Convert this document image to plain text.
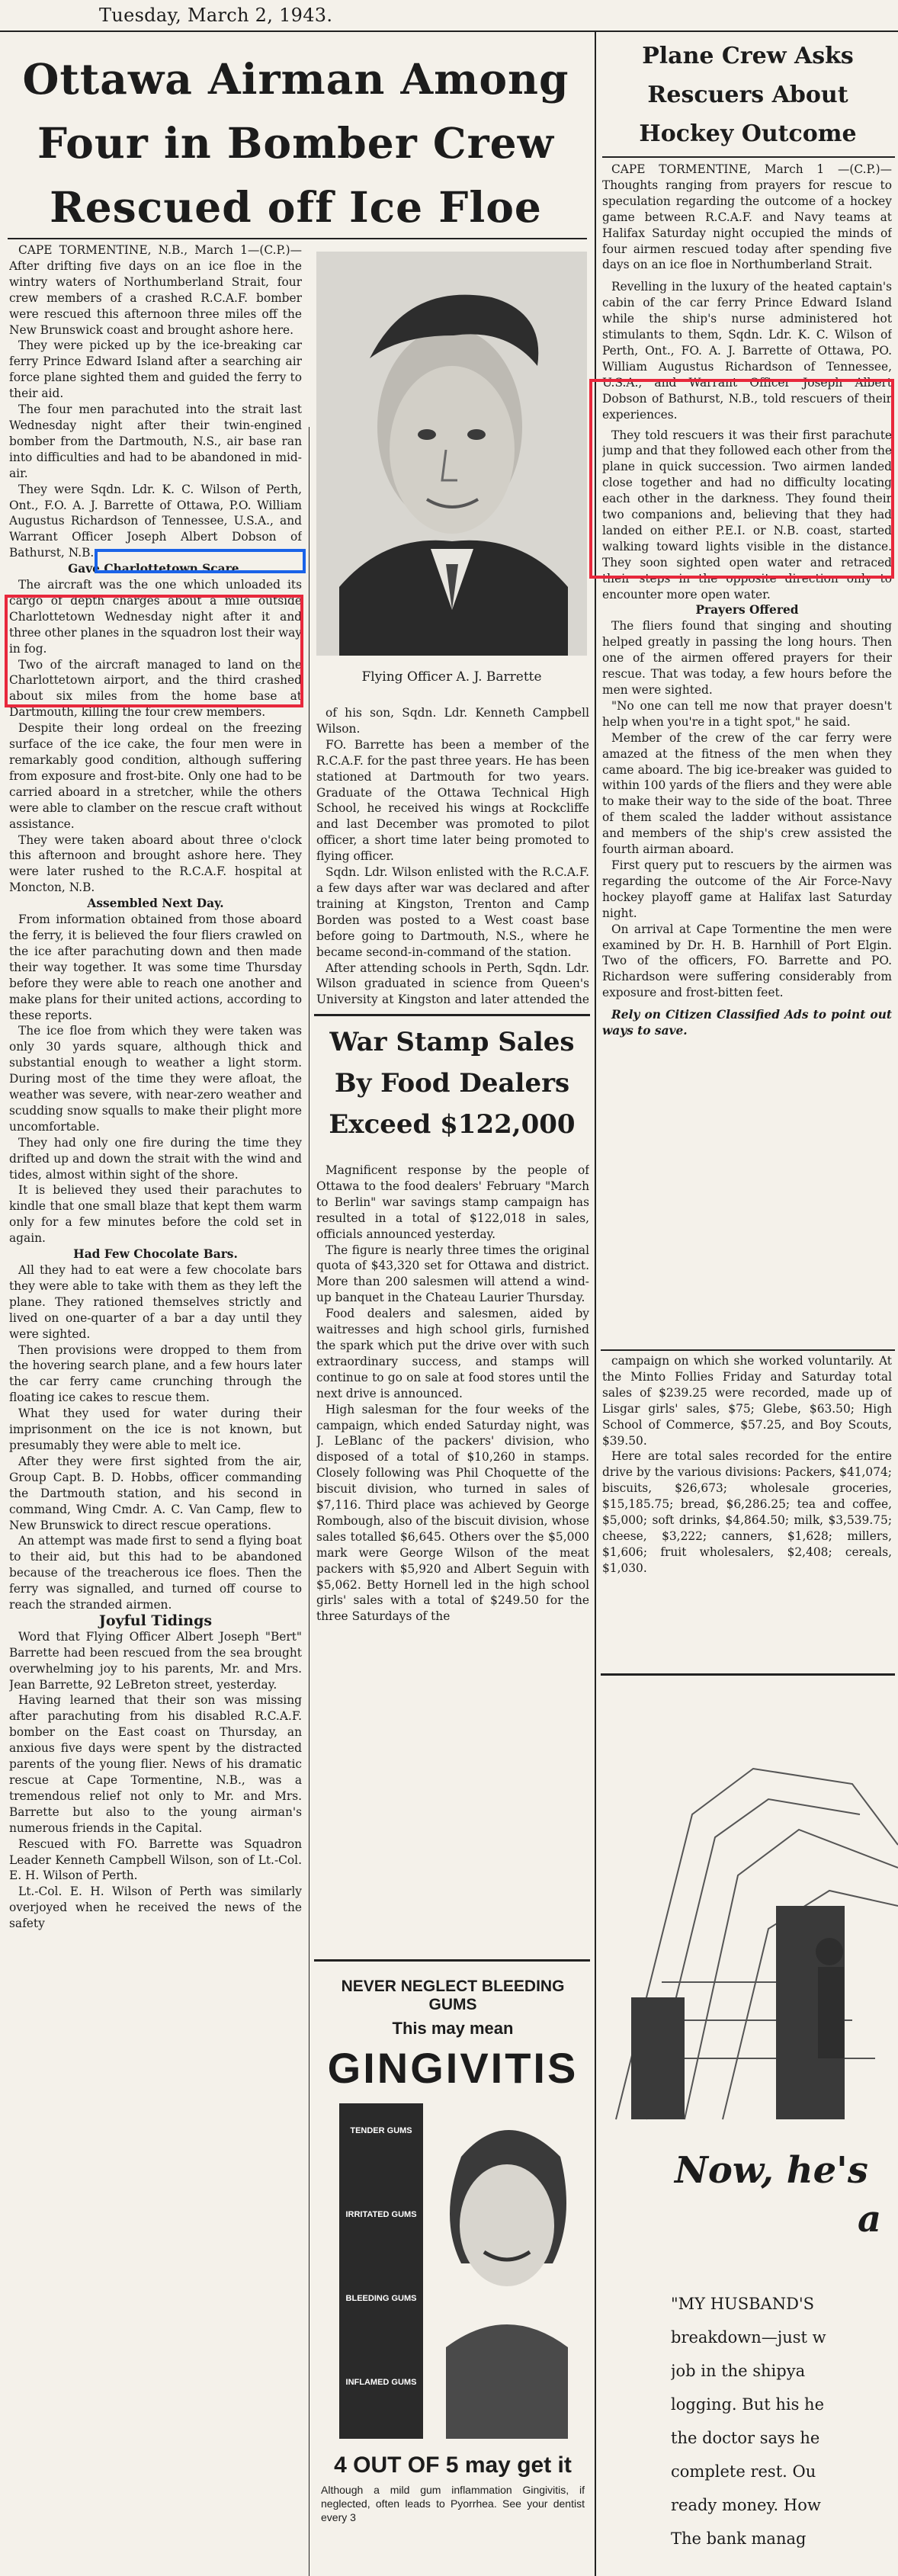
Tuesday, March 2, 1943.
Ottawa Airman Among
Four in Bomber Crew
Rescued off Ice Floe

CAPE TORMENTINE, N.B., March 1—(C.P.)—After drifting five days on an ice floe in the wintry waters of Northumberland Strait, four crew members of a crashed R.C.A.F. bomber were rescued this afternoon three miles off the New Brunswick coast and brought ashore here.

They were picked up by the ice-breaking car ferry Prince Edward Island after a searching air force plane sighted them and guided the ferry to their aid.

The four men parachuted into the strait last Wednesday night after their twin-engined bomber from the Dartmouth, N.S., air base ran into difficulties and had to be abandoned in mid-air.

They were Sqdn. Ldr. K. C. Wilson of Perth, Ont., F.O. A. J. Barrette of Ottawa, P.O. William Augustus Richardson of Tennessee, U.S.A., and Warrant Officer Joseph Albert Dobson of Bathurst, N.B.

Gave Charlottetown Scare.

The aircraft was the one which unloaded its cargo of depth charges about a mile outside Charlottetown Wednesday night after it and three other planes in the squadron lost their way in fog.

Two of the aircraft managed to land on the Charlottetown airport, and the third crashed about six miles from the home base at Dartmouth, killing the four crew members.

Despite their long ordeal on the freezing surface of the ice cake, the four men were in remarkably good condition, although suffering from exposure and frost-bite. Only one had to be carried aboard in a stretcher, while the others were able to clamber on the rescue craft without assistance.

They were taken aboard about three o'clock this afternoon and brought ashore here. They were later rushed to the R.C.A.F. hospital at Moncton, N.B.

Assembled Next Day.

From information obtained from those aboard the ferry, it is believed the four fliers crawled on the ice after parachuting down and then made their way together. It was some time Thursday before they were able to reach one another and make plans for their united actions, according to these reports.

The ice floe from which they were taken was only 30 yards square, although thick and substantial enough to weather a light storm. During most of the time they were afloat, the weather was severe, with near-zero weather and scudding snow squalls to make their plight more uncomfortable.

They had only one fire during the time they drifted up and down the strait with the wind and tides, almost within sight of the shore.

It is believed they used their parachutes to kindle that one small blaze that kept them warm only for a few minutes before the cold set in again.

Had Few Chocolate Bars.

All they had to eat were a few chocolate bars they were able to take with them as they left the plane. They rationed themselves strictly and lived on one-quarter of a bar a day until they were sighted.

Then provisions were dropped to them from the hovering search plane, and a few hours later the car ferry came crunching through the floating ice cakes to rescue them.

What they used for water during their imprisonment on the ice is not known, but presumably they were able to melt ice.

After they were first sighted from the air, Group Capt. B. D. Hobbs, officer commanding the Dartmouth station, and his second in command, Wing Cmdr. A. C. Van Camp, flew to New Brunswick to direct rescue operations.

An attempt was made first to send a flying boat to their aid, but this had to be abandoned because of the treacherous ice floes. Then the ferry was signalled, and turned off course to reach the stranded airmen.

Joyful Tidings

Word that Flying Officer Albert Joseph "Bert" Barrette had been rescued from the sea brought overwhelming joy to his parents, Mr. and Mrs. Jean Barrette, 92 LeBreton street, yesterday.

Having learned that their son was missing after parachuting from his disabled R.C.A.F. bomber on the East coast on Thursday, an anxious five days were spent by the distracted parents of the young flier. News of his dramatic rescue at Cape Tormentine, N.B., was a tremendous relief not only to Mr. and Mrs. Barrette but also to the young airman's numerous friends in the Capital.

Rescued with FO. Barrette was Squadron Leader Kenneth Campbell Wilson, son of Lt.-Col. E. H. Wilson of Perth.

Lt.-Col. E. H. Wilson of Perth was similarly overjoyed when he received the news of the safety

Flying Officer A. J. Barrette

of his son, Sqdn. Ldr. Kenneth Campbell Wilson.

FO. Barrette has been a member of the R.C.A.F. for the past three years. He has been stationed at Dartmouth for two years. Graduate of the Ottawa Technical High School, he received his wings at Rockcliffe and last December was promoted to pilot officer, a short time later being promoted to flying officer.

Sqdn. Ldr. Wilson enlisted with the R.C.A.F. a few days after war was declared and after training at Kingston, Trenton and Camp Borden was posted to a West coast base before going to Dartmouth, N.S., where he became second-in-command of the station.

After attending schools in Perth, Sqdn. Ldr. Wilson graduated in science from Queen's University at Kingston and later attended the

War Stamp Sales
By Food Dealers
Exceed $122,000

Magnificent response by the people of Ottawa to the food dealers' February "March to Berlin" war savings stamp campaign has resulted in a total of $122,018 in sales, officials announced yesterday.

The figure is nearly three times the original quota of $43,320 set for Ottawa and district. More than 200 salesmen will attend a wind-up banquet in the Chateau Laurier Thursday.

Food dealers and salesmen, aided by waitresses and high school girls, furnished the spark which put the drive over with such extraordinary success, and stamps will continue to go on sale at food stores until the next drive is announced.

High salesman for the four weeks of the campaign, which ended Saturday night, was J. LeBlanc of the packers' division, who disposed of a total of $10,260 in stamps. Closely following was Phil Choquette of the biscuit division, who turned in sales of $7,116. Third place was achieved by George Rombough, also of the biscuit division, whose sales totalled $6,645. Others over the $5,000 mark were George Wilson of the meat packers with $5,920 and Albert Seguin with $5,062. Betty Hornell led in the high school girls' sales with a total of $249.50 for the three Saturdays of the

NEVER NEGLECT BLEEDING GUMS
This may mean
GINGIVITIS
TENDER GUMS
IRRITATED GUMS
BLEEDING GUMS
INFLAMED GUMS
4 OUT OF 5 may get it
Although a mild gum inflammation Gingivitis, if neglected, often leads to Pyorrhea. See your dentist every 3
Plane Crew Asks
Rescuers About
Hockey Outcome

CAPE TORMENTINE, March 1 —(C.P.)—Thoughts ranging from prayers for rescue to speculation regarding the outcome of a hockey game between R.C.A.F. and Navy teams at Halifax Saturday night occupied the minds of four airmen rescued today after spending five days on an ice floe in Northumberland Strait.

Revelling in the luxury of the heated captain's cabin of the car ferry Prince Edward Island while the ship's nurse administered hot stimulants to them, Sqdn. Ldr. K. C. Wilson of Perth, Ont., FO. A. J. Barrette of Ottawa, PO. William Augustus Richardson of Tennessee, U.S.A., and Warrant Officer Joseph Albert Dobson of Bathurst, N.B., told rescuers of their experiences.

They told rescuers it was their first parachute jump and that they followed each other from the plane in quick succession. Two airmen landed close together and had no difficulty locating each other in the darkness. They found their two companions and, believing that they had landed on either P.E.I. or N.B. coast, started walking toward lights visible in the distance. They soon sighted open water and retraced their steps in the opposite direction only to encounter more open water.

Prayers Offered

The fliers found that singing and shouting helped greatly in passing the long hours. Then one of the airmen offered prayers for their rescue. That was today, a few hours before the men were sighted.

"No one can tell me now that prayer doesn't help when you're in a tight spot," he said.

Member of the crew of the car ferry were amazed at the fitness of the men when they came aboard. The big ice-breaker was guided to within 100 yards of the fliers and they were able to make their way to the side of the boat. Three of them scaled the ladder without assistance and members of the ship's crew assisted the fourth airman aboard.

First query put to rescuers by the airmen was regarding the outcome of the Air Force-Navy hockey playoff game at Halifax last Saturday night.

On arrival at Cape Tormentine the men were examined by Dr. H. B. Harnhill of Port Elgin. Two of the officers, FO. Barrette and PO. Richardson were suffering considerably from exposure and frost-bitten feet.

Rely on Citizen Classified Ads to point out ways to save.

campaign on which she worked voluntarily. At the Minto Follies Friday and Saturday total sales of $239.25 were recorded, made up of Lisgar girls' sales, $75; Glebe, $63.50; High School of Commerce, $57.25, and Boy Scouts, $39.50.

Here are total sales recorded for the entire drive by the various divisions: Packers, $41,074; biscuits, $26,673; wholesale groceries, $15,185.75; bread, $6,286.25; tea and coffee, $5,000; soft drinks, $4,864.50; milk, $3,539.75; cheese, $3,222; canners, $1,628; millers, $1,606; fruit wholesalers, $2,408; cereals, $1,030.

Now, he's
a
"MY HUSBAND'S
breakdown—just w
job in the shipya
logging. But his he
the doctor says he
complete rest. Ou
ready money. How
The bank manag
